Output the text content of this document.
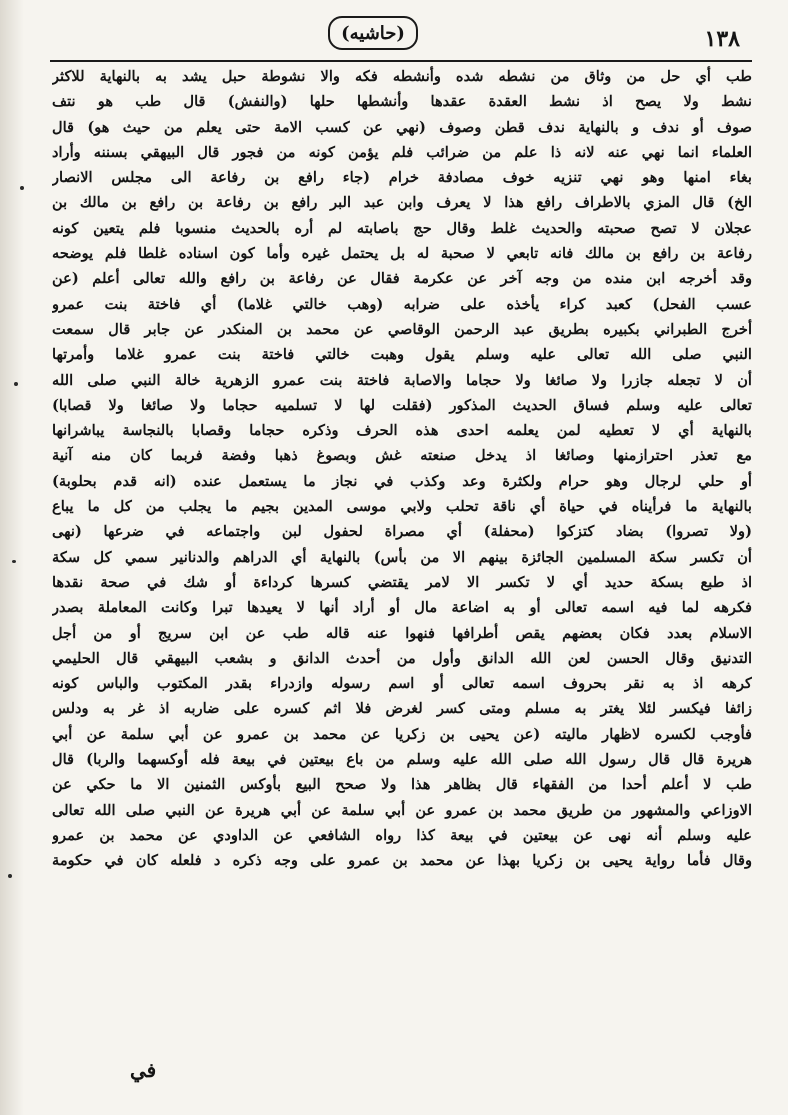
(حاشيه)	١٣٨
طب أي حل من وثاق من نشطه شده وأنشطه فكه والا نشوطة حبل يشد به بالنهاية للاكثر
نشط ولا يصح اذ نشط العقدة عقدها وأنشطها حلها (والنفش) قال طب هو نتف
صوف أو ندف و بالنهاية ندف قطن وصوف (نهي عن كسب الامة حتى يعلم من حيث هو) قال
العلماء انما نهي عنه لانه ذا علم من ضرائب فلم يؤمن كونه من فجور قال البيهقي بسننه وأراد
بغاء امنها وهو نهي تنزيه خوف مصادفة خرام (جاء رافع بن رفاعة الى مجلس الانصار
الخ) قال المزي بالاطراف رافع هذا لا يعرف وابن عبد البر رافع بن رفاعة بن رافع بن مالك بن
عجلان لا تصح صحبته والحديث غلط وقال حج باصابته لم أره بالحديث منسوبا فلم يتعين كونه
رفاعة بن رافع بن مالك فانه تابعي لا صحبة له بل يحتمل غيره وأما كون اسناده غلطا فلم يوضحه
وقد أخرجه ابن منده من وجه آخر عن عكرمة فقال عن رفاعة بن رافع والله تعالى أعلم (عن
عسب الفحل) كعبد كراء يأخذه على ضرابه (وهب خالتي غلاما) أي فاختة بنت عمرو
أخرج الطبراني بكبيره بطريق عبد الرحمن الوقاصي عن محمد بن المنكدر عن جابر قال سمعت
النبي صلى الله تعالى عليه وسلم يقول وهبت خالتي فاختة بنت عمرو غلاما وأمرتها
أن لا تجعله جازرا ولا صائغا ولا حجاما والاصابة فاختة بنت عمرو الزهرية خالة النبي صلى الله
تعالى عليه وسلم فساق الحديث المذكور (فقلت لها لا تسلميه حجاما ولا صائغا ولا قصابا)
بالنهاية أي لا تعطيه لمن يعلمه احدى هذه الحرف وذكره حجاما وقصابا بالنجاسة يباشرانها
مع تعذر احترازمنها وصائغا اذ يدخل صنعته غش وبصوغ ذهبا وفضة فربما كان منه آنية
أو حلي لرجال وهو حرام ولكثرة وعد وكذب في نجاز ما يستعمل عنده (انه قدم بحلوبة)
بالنهاية ما فرأيناه في حياة أي ناقة تحلب ولابي موسى المدين بجيم ما يجلب من كل ما يباع
(ولا تصروا) بضاد كتزكوا (محفلة) أي مصراة لحفول لبن واجتماعه في ضرعها (نهى
أن تكسر سكة المسلمين الجائزة بينهم الا من بأس) بالنهاية أي الدراهم والدنانير سمي كل سكة
اذ طبع بسكة حديد أي لا تكسر الا لامر يقتضي كسرها كرداءة أو شك في صحة نقدها
فكرهه لما فيه اسمه تعالى أو به اضاعة مال أو أراد أنها لا يعيدها تبرا وكانت المعاملة بصدر
الاسلام بعدد فكان بعضهم يقص أطرافها فنهوا عنه قاله طب عن ابن سريج أو من أجل
التدنيق وقال الحسن لعن الله الدانق وأول من أحدث الدانق و بشعب البيهقي قال الحليمي
كرهه اذ به نقر بحروف اسمه تعالى أو اسم رسوله وازدراء بقدر المكتوب والباس كونه
زائفا فيكسر لئلا يغتر به مسلم ومتى كسر لغرض فلا اثم كسره على ضاربه اذ غر به ودلس
فأوجب لكسره لاظهار ماليته (عن يحيى بن زكريا عن محمد بن عمرو عن أبي سلمة عن أبي
هريرة قال قال رسول الله صلى الله عليه وسلم من باع بيعتين في بيعة فله أوكسهما والربا) قال
طب لا أعلم أحدا من الفقهاء قال بظاهر هذا ولا صحح البيع بأوكس الثمنين الا ما حكي عن
الاوزاعي والمشهور من طريق محمد بن عمرو عن أبي سلمة عن أبي هريرة عن النبي صلى الله تعالى
عليه وسلم أنه نهى عن بيعتين في بيعة كذا رواه الشافعي عن الداودي عن محمد بن عمرو
وقال فأما رواية يحيى بن زكريا بهذا عن محمد بن عمرو على وجه ذكره د فلعله كان في حكومة
في
